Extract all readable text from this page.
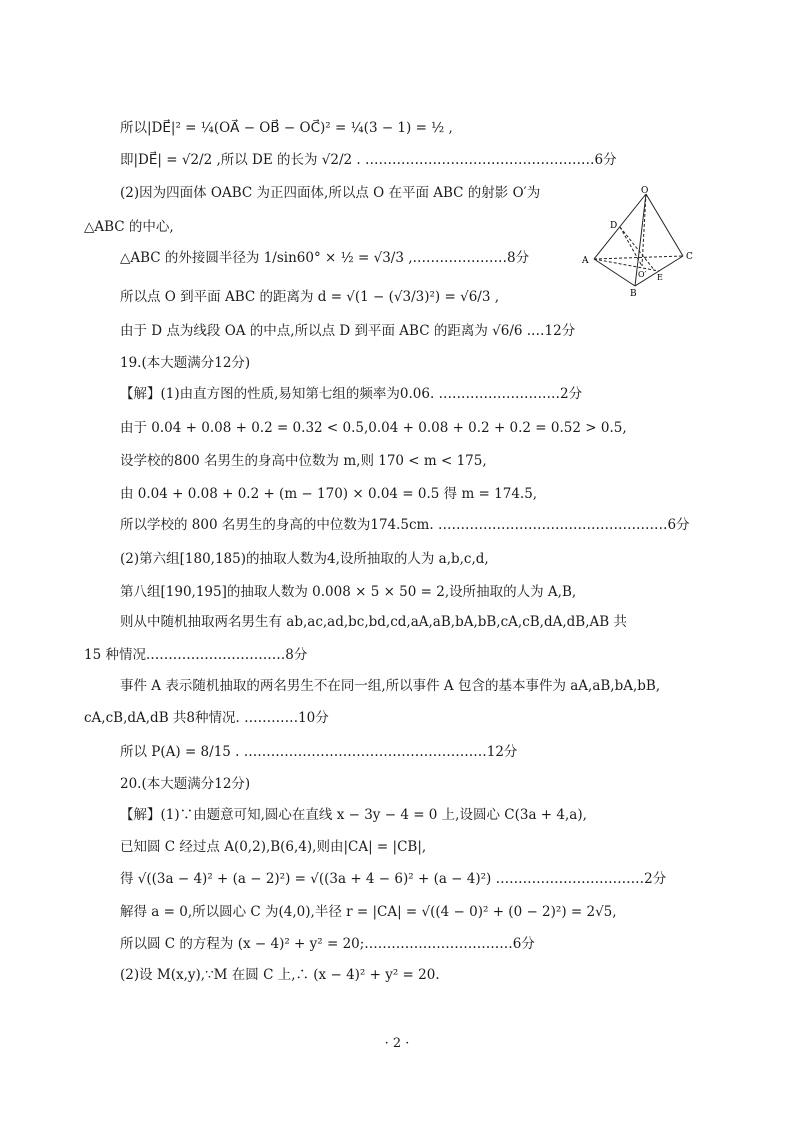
所以|DE⃗|² = ¼(OA⃗ − OB⃗ − OC⃗)² = ¼(3 − 1) = ½ ,
即|DE⃗| = √2/2 ,所以 DE 的长为 √2/2 . ……………………………………………6分
(2)因为四面体 OABC 为正四面体,所以点 O 在平面 ABC 的射影 O′为
△ABC 的中心,
△ABC 的外接圆半径为 1/sin60° × ½ = √3/3 ,…………………8分
所以点 O 到平面 ABC 的距离为 d = √(1 − (√3/3)²) = √6/3 ,
由于 D 点为线段 OA 的中点,所以点 D 到平面 ABC 的距离为 √6/6 .…12分
19.(本大题满分12分)
【解】(1)由直方图的性质,易知第七组的频率为0.06. ………………………2分
由于 0.04 + 0.08 + 0.2 = 0.32 < 0.5,0.04 + 0.08 + 0.2 + 0.2 = 0.52 > 0.5,
设学校的800 名男生的身高中位数为 m,则 170 < m < 175,
由 0.04 + 0.08 + 0.2 + (m − 170) × 0.04 = 0.5 得 m = 174.5,
所以学校的 800 名男生的身高的中位数为174.5cm. ……………………………………………6分
(2)第六组[180,185)的抽取人数为4,设所抽取的人为 a,b,c,d,
第八组[190,195]的抽取人数为 0.008 × 5 × 50 = 2,设所抽取的人为 A,B,
则从中随机抽取两名男生有 ab,ac,ad,bc,bd,cd,aA,aB,bA,bB,cA,cB,dA,dB,AB 共
15 种情况.…………………………8分
事件 A 表示随机抽取的两名男生不在同一组,所以事件 A 包含的基本事件为 aA,aB,bA,bB,
cA,cB,dA,dB 共8种情况. …………10分
所以 P(A) = 8/15 . ………………………………………………12分
20.(本大题满分12分)
【解】(1)∵由题意可知,圆心在直线 x − 3y − 4 = 0 上,设圆心 C(3a + 4,a),
已知圆 C 经过点 A(0,2),B(6,4),则由|CA| = |CB|,
得 √((3a − 4)² + (a − 2)²) = √((3a + 4 − 6)² + (a − 4)²) ……………………………2分
解得 a = 0,所以圆心 C 为(4,0),半径 r = |CA| = √((4 − 0)² + (0 − 2)²) = 2√5,
所以圆 C 的方程为 (x − 4)² + y² = 20;……………………………6分
(2)设 M(x,y),∵M 在圆 C 上,∴ (x − 4)² + y² = 20.
O
D
A	C
O′ E
B
· 2 ·
